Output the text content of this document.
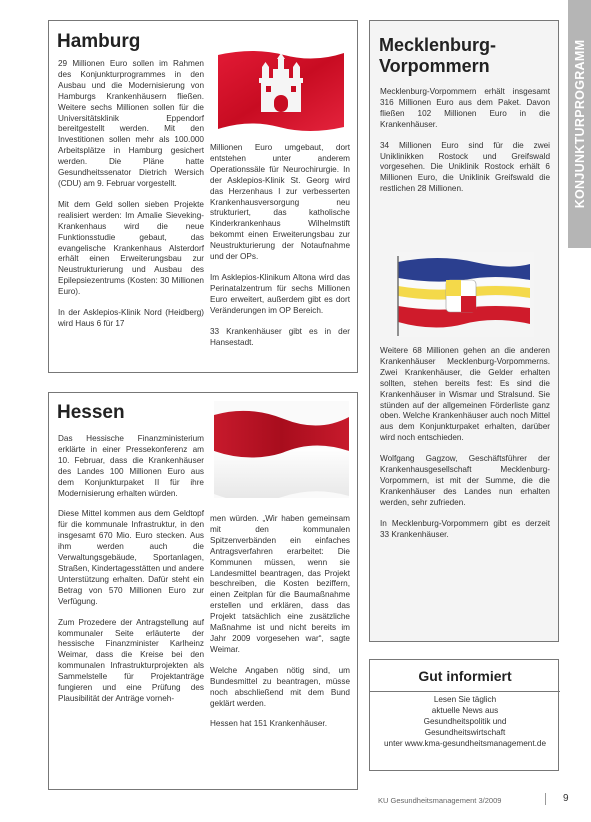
KONJUNKTURPROGRAMM
Hamburg

29 Millionen Euro sollen im Rahmen des Konjunkturprogrammes in den Ausbau und die Modernisierung von Hamburgs Krankenhäusern fließen. Weitere sechs Millionen sollen für die Universitätsklinik Eppendorf bereitgestellt werden. Mit den Investitionen sollen mehr als 100.000 Arbeitsplätze in Hamburg gesichert werden. Die Pläne hatte Gesundheitssenator Dietrich Wersich (CDU) am 9. Februar vorgestellt.

Mit dem Geld sollen sieben Projekte realisiert werden: Im Amalie Sieveking-Krankenhaus wird die neue Funktionsstudie gebaut, das evangelische Krankenhaus Alsterdorf erhält einen Erweiterungsbau zur Neustrukturierung und Ausbau des Epilepsiezentrums (Kosten: 30 Millionen Euro).

In der Asklepios-Klinik Nord (Heidberg) wird Haus 6 für 17

Millionen Euro umgebaut, dort entstehen unter anderem Operationssäle für Neurochirurgie. In der Asklepios-Klinik St. Georg wird das Herzenhaus I zur verbesserten Krankenhausversorgung neu strukturiert, das katholische Kinderkrankenhaus Wilhelmstift bekommt einen Erweiterungsbau zur Neustrukturierung der Notaufnahme und der OPs.

Im Asklepios-Klinikum Altona wird das Perinatalzentrum für sechs Millionen Euro erweitert, außerdem gibt es dort Veränderungen im OP Bereich.

33 Krankenhäuser gibt es in der Hansestadt.

Hessen

Das Hessische Finanzministerium erklärte in einer Pressekonferenz am 10. Februar, dass die Krankenhäuser des Landes 100 Millionen Euro aus dem Konjunkturpaket II für ihre Modernisierung erhalten würden.

Diese Mittel kommen aus dem Geldtopf für die kommunale Infrastruktur, in den insgesamt 670 Mio. Euro stecken. Aus ihm werden auch die Verwaltungsgebäude, Sportanlagen, Straßen, Kindertagesstätten und andere Unterstützung erhalten. Dafür steht ein Betrag von 570 Millionen Euro zur Verfügung.

Zum Prozedere der Antragstellung auf kommunaler Seite erläuterte der hessische Finanzminister Karlheinz Weimar, dass die Kreise bei den kommunalen Infrastrukturprojekten als Sammelstelle für Projektanträge fungieren und eine Prüfung des Plausibilität der Anträge vorneh-

men würden. „Wir haben gemeinsam mit den kommunalen Spitzenverbänden ein einfaches Antragsverfahren erarbeitet: Die Kommunen müssen, wenn sie Landesmittel beantragen, das Projekt beschreiben, die Kosten beziffern, einen Zeitplan für die Baumaßnahme erstellen und erklären, dass das Projekt tatsächlich eine zusätzliche Maßnahme ist und nicht bereits im Jahr 2009 vorgesehen war“, sagte Weimar.

Welche Angaben nötig sind, um Bundesmittel zu beantragen, müsse noch abschließend mit dem Bund geklärt werden.

Hessen hat 151 Krankenhäuser.

Mecklenburg-Vorpommern

Mecklenburg-Vorpommern erhält insgesamt 316 Millionen Euro aus dem Paket. Davon fließen 102 Millionen Euro in die Krankenhäuser.

34 Millionen Euro sind für die zwei Uniklinikken Rostock und Greifswald vorgesehen. Die Uniklinik Rostock erhält 6 Millionen Euro, die Uniklinik Greifswald die restlichen 28 Millionen.

Weitere 68 Millionen gehen an die anderen Krankenhäuser Mecklenburg-Vorpommerns. Zwei Krankenhäuser, die Gelder erhalten sollten, stehen bereits fest: Es sind die Krankenhäuser in Wismar und Stralsund. Sie stünden auf der allgemeinen Förderliste ganz oben. Welche Krankenhäuser auch noch Mittel aus dem Konjunkturpaket erhalten, darüber wird noch entschieden.

Wolfgang Gagzow, Geschäftsführer der Krankenhausgesellschaft Mecklenburg-Vorpommern, ist mit der Summe, die die Krankenhäuser des Landes nun erhalten werden, sehr zufrieden.

In Mecklenburg-Vorpommern gibt es derzeit 33 Krankenhäuser.

Gut informiert
Lesen Sie täglich
aktuelle News aus
Gesundheitspolitik und
Gesundheitswirtschaft
unter www.kma-gesundheitsmanagement.de
KU Gesundheitsmanagement 3/2009	9
